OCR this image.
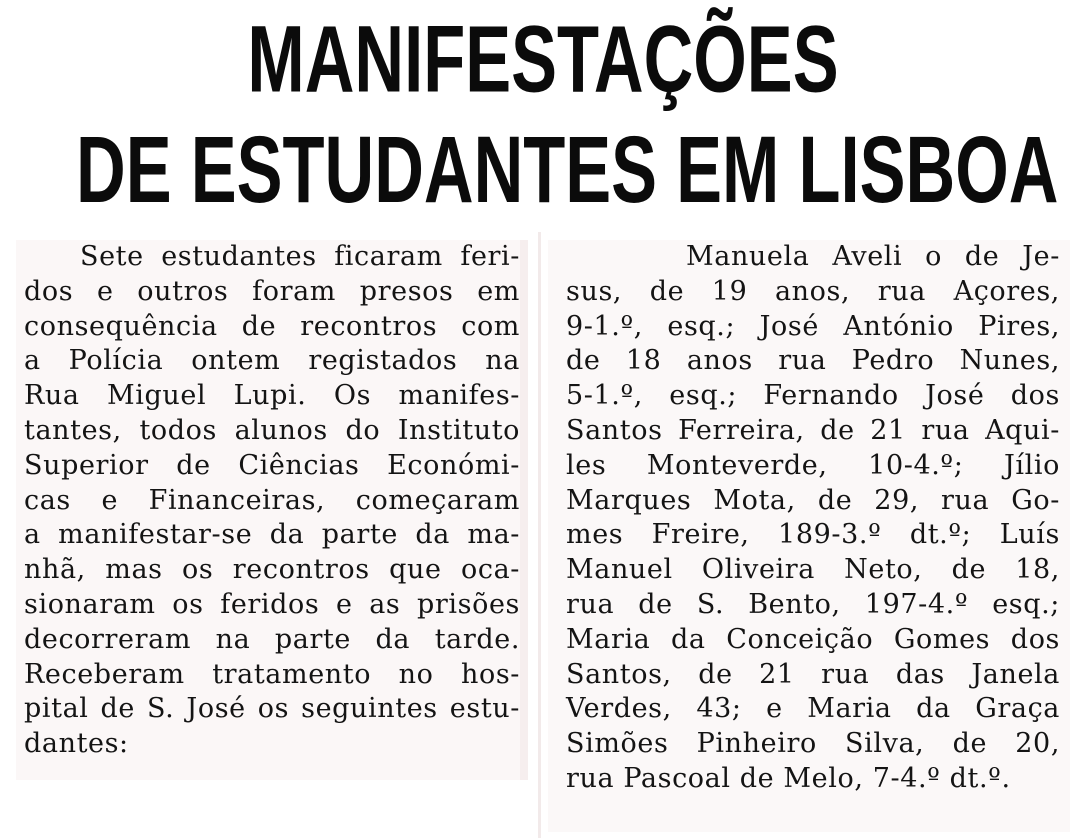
MANIFESTAÇÕES
DE ESTUDANTES EM LISBOA
Sete estudantes ficaram feri-
dos e outros foram presos em
consequência de recontros com
a Polícia ontem registados na
Rua Miguel Lupi. Os manifes-
tantes, todos alunos do Instituto
Superior de Ciências Económi-
cas e Financeiras, começaram
a manifestar-se da parte da ma-
nhã, mas os recontros que oca-
sionaram os feridos e as prisões
decorreram na parte da tarde.
Receberam tratamento no hos-
pital de S. José os seguintes estu-
dantes:
Manuela Aveli o de Je-
sus, de 19 anos, rua Açores,
9-1.º, esq.; José António Pires,
de 18 anos rua Pedro Nunes,
5-1.º, esq.; Fernando José dos
Santos Ferreira, de 21 rua Aqui-
les Monteverde, 10-4.º; Jílio
Marques Mota, de 29, rua Go-
mes Freire, 189-3.º dt.º; Luís
Manuel Oliveira Neto, de 18,
rua de S. Bento, 197-4.º esq.;
Maria da Conceição Gomes dos
Santos, de 21 rua das Janela
Verdes, 43; e Maria da Graça
Simões Pinheiro Silva, de 20,
rua Pascoal de Melo, 7-4.º dt.º.
